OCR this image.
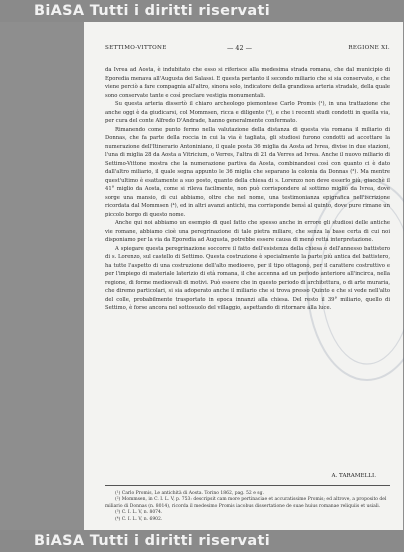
BiASA Tutti i diritti riservati
SETTIMO-VITTONE	— 42 —	REGIONE XI.

da Ivrea ad Aosta, è indubitato che esso si riferisce alla medesima strada romana, che dal municipio di Eporedia menava all'Augusta dei Salassi. E questa pertanto il secondo miliario che si sia conservato, e che viene perciò a fare compagnia all'altro, sinora solo, indicatore della grandiosa arteria stradale, della quale sono conservate tante e così preclare vestigia monumentali.

Su questa arteria dissertò il chiaro archeologo piemontese Carlo Promis (¹), in una trattazione che anche oggi è da giudicarsi, col Mommsen, ricca e diligente (²), e che i recenti studi condotti in quella via, per cura del conte Alfredo D'Andrade, hanno generalmente confermato.

Rimanendo come punto fermo nella valutazione della distanza di questa via romana il miliario di Donnas, che fa parte della roccia in cui la via è tagliata, gli studiosi furono condotti ad accettare la numerazione dell'Itinerario Antoniniano, il quale posta 36 miglia da Aosta ad Ivrea, divise in due stazioni, l'una di miglia 28 da Aosta a Vitricium, o Verres, l'altra di 21 da Verres ad Ivrea. Anche il nuovo miliario di Settimo-Vittone mostra che la numerazione partiva da Aosta, combinandosi così con quanto ci è dato dall'altro miliario, il quale segna appunto le 36 miglia che separano la colonia da Donnas (³). Ma mentre quest'ultimo è esattamente a suo posto, quanto della chiesa di s. Lorenzo non deve esserlo più, giacchè il 41° miglio da Aosta, come si rileva facilmente, non può corrispondere al sottimo miglio da Ivrea, dove sorge una mansio, di cui abbiamo, oltre che nel nome, una testimonianza epigrafica nell'iscrizione ricordata dal Mommsen (⁴), ed in altri avanzi antichi, ma corrisponde bensì al quinto, dove pure rimane un piccolo borgo di questo nome.

Anche qui noi abbiamo un esempio di quel fatto che spesso anche in errore gli studiosi delle antiche vie romane, abbiamo cioè una peregrinazione di tale pietra miliare, che senza la base certa di cui noi disponiamo per la via da Eporedia ad Augusta, potrebbe essere causa di meno retta interpretazione.

A spiegare questa peregrinazione soccorre il fatto dell'esistenza della chiesa e dell'annesso battistero di s. Lorenzo, sul castello di Settimo. Questa costruzione è specialmente la parte più antica del battistero, ha tutte l'aspetto di una costruzione dell'alto medioevo, per il tipo ottagono, per il carattere costruttivo e per l'impiego di materiale laterizio di età romana, il che accenna ad un periodo anteriore all'incirca, nella regione, di forme medioevali di motivi. Può essere che in questo periodo di architettura, o di arte muraria, che diremo particolari, si sia adoperato anche il miliario che si trova presso Quinto e che si vede nell'alto del colle, probabilmente trasportato in epoca innanzi alla chiesa. Del resto il 39° miliario, quello di Settimo, è forse ancora nel sottosuolo del villaggio, aspettando di ritornare alla luce.

A. TARAMELLI.

(¹) Carlo Promis, Le antichità di Aosta. Torino 1862, pag. 52 e sg.

(²) Mommsen, in C. I. L. V, p. 753: descripsit cam more pertinaciae et accuratissime Promis; ed altrove, a proposito del miliario di Donnas (n. 8014), ricorda il medesimo Promis iacobus dissertatione de suae huius romanae reliquiis et usiali.

(³) C. I. L. V, n. 8074.

(⁴) C. I. L. V, n. 6902.

BiASA Tutti i diritti riservati
